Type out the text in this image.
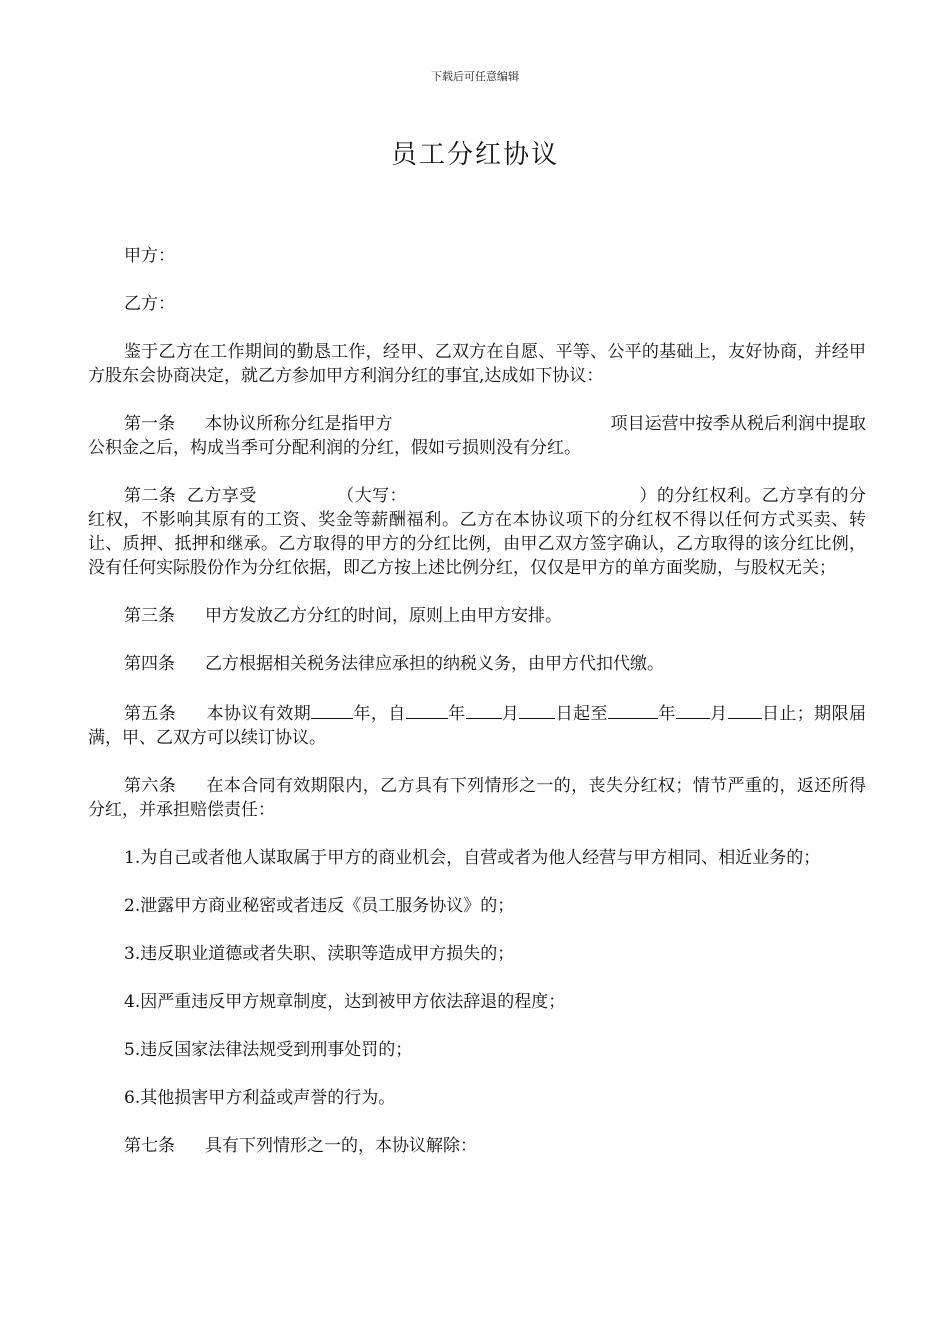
下载后可任意编辑
员工分红协议

甲方：

乙方：

鉴于乙方在工作期间的勤恳工作，经甲、乙双方在自愿、平等、公平的基础上，友好协商，并经甲方股东会协商决定，就乙方参加甲方利润分红的事宜,达成如下协议：

第一条 本协议所称分红是指甲方	项目运营中按季从税后利润中提取公积金之后，构成当季可分配利润的分红，假如亏损则没有分红。

第二条 乙方享受	（大写：	）的分红权利。乙方享有的分红权，不影响其原有的工资、奖金等薪酬福利。乙方在本协议项下的分红权不得以任何方式买卖、转让、质押、抵押和继承。乙方取得的甲方的分红比例，由甲乙双方签字确认，乙方取得的该分红比例，没有任何实际股份作为分红依据，即乙方按上述比例分红，仅仅是甲方的单方面奖励，与股权无关；

第三条 甲方发放乙方分红的时间，原则上由甲方安排。

第四条 乙方根据相关税务法律应承担的纳税义务，由甲方代扣代缴。

第五条 本协议有效期 年，自 年 月 日起至	年 月 日止；期限届满，甲、乙双方可以续订协议。

第六条 在本合同有效期限内，乙方具有下列情形之一的，丧失分红权；情节严重的，返还所得分红，并承担赔偿责任：

1.为自己或者他人谋取属于甲方的商业机会，自营或者为他人经营与甲方相同、相近业务的；

2.泄露甲方商业秘密或者违反《员工服务协议》的；

3.违反职业道德或者失职、渎职等造成甲方损失的；

4.因严重违反甲方规章制度，达到被甲方依法辞退的程度；

5.违反国家法律法规受到刑事处罚的；

6.其他损害甲方利益或声誉的行为。

第七条 具有下列情形之一的，本协议解除：
